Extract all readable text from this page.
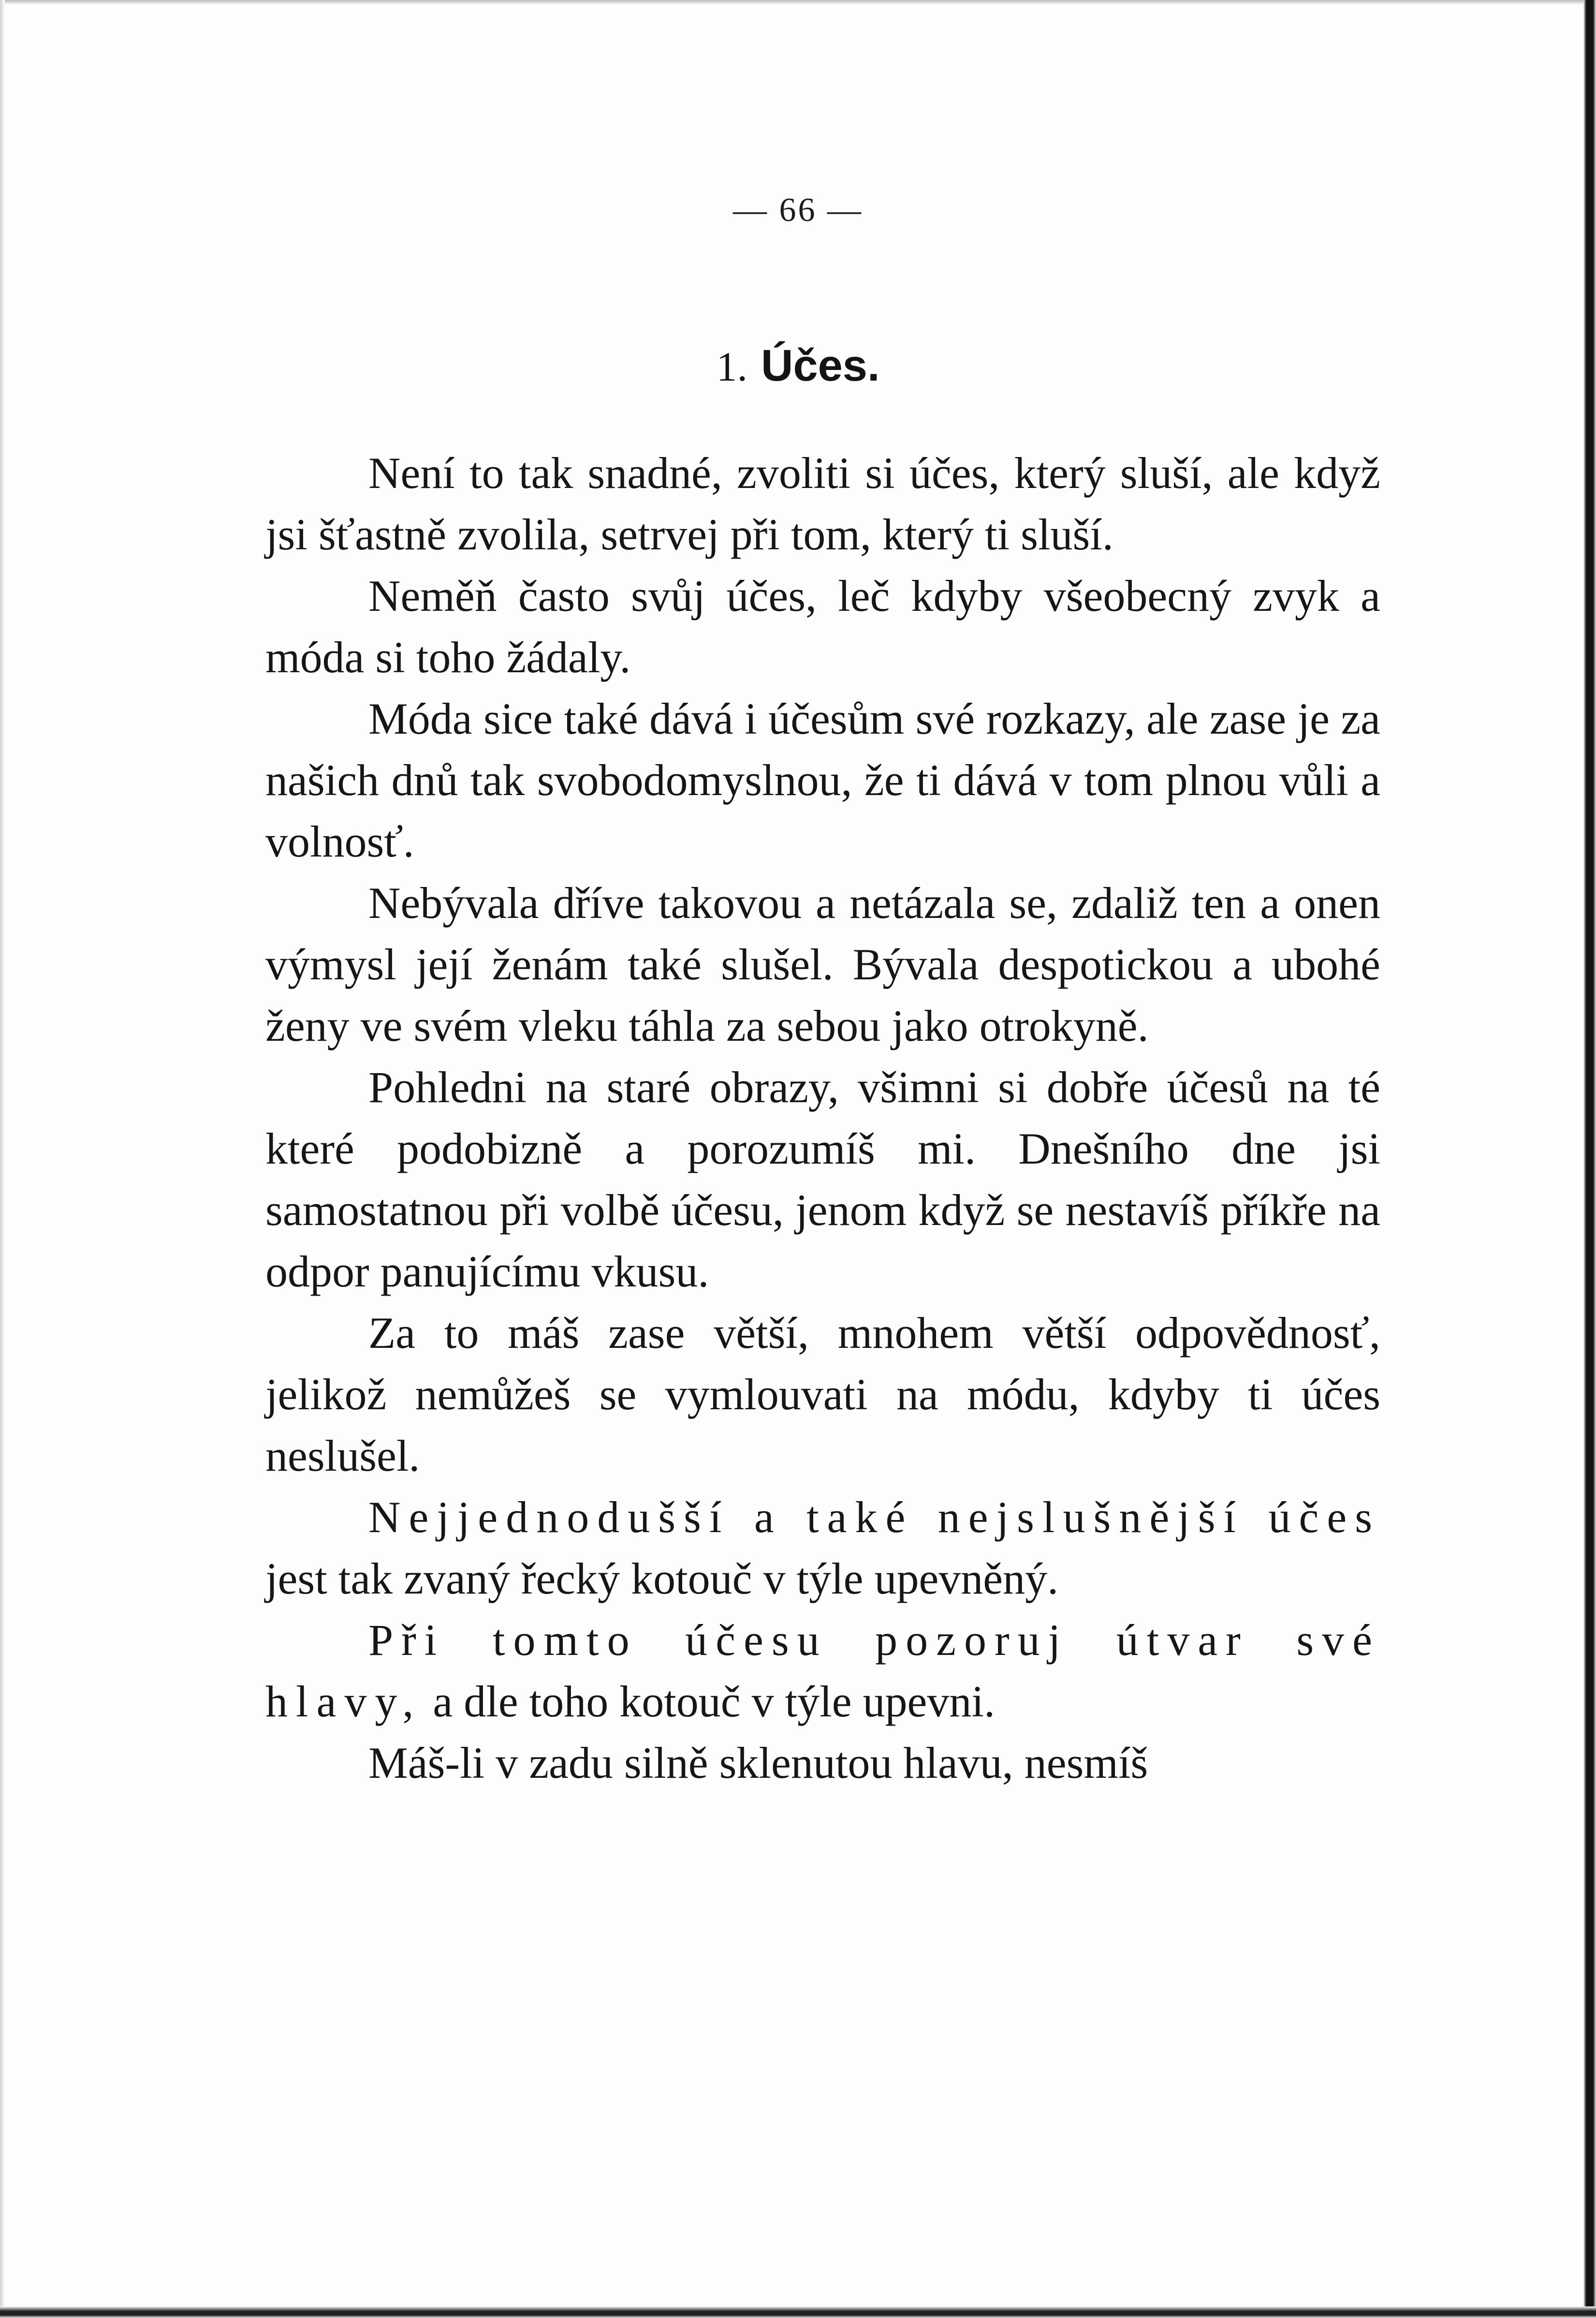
— 66 —
1. Účes.

Není to tak snadné, zvoliti si účes, který sluší, ale když jsi šťastně zvolila, setrvej při tom, který ti sluší.

Neměň často svůj účes, leč kdyby všeobecný zvyk a móda si toho žádaly.

Móda sice také dává i účesům své rozkazy, ale zase je za našich dnů tak svobodomyslnou, že ti dává v tom plnou vůli a volnosť.

Nebývala dříve takovou a netázala se, zdaliž ten a onen výmysl její ženám také slušel. Bývala despotickou a ubohé ženy ve svém vleku táhla za sebou jako otrokyně.

Pohledni na staré obrazy, všimni si dobře účesů na té které podobizně a porozumíš mi. Dnešního dne jsi samostatnou při volbě účesu, jenom když se nestavíš příkře na odpor panujícímu vkusu.

Za to máš zase větší, mnohem větší odpovědnosť, jelikož nemůžeš se vymlouvati na módu, kdyby ti účes neslušel.

Nejjednodušší a také nejslušnější účes jest tak zvaný řecký kotouč v týle upevněný.

Při tomto účesu pozoruj útvar své hlavy, a dle toho kotouč v týle upevni.

Máš-li v zadu silně sklenutou hlavu, nesmíš
